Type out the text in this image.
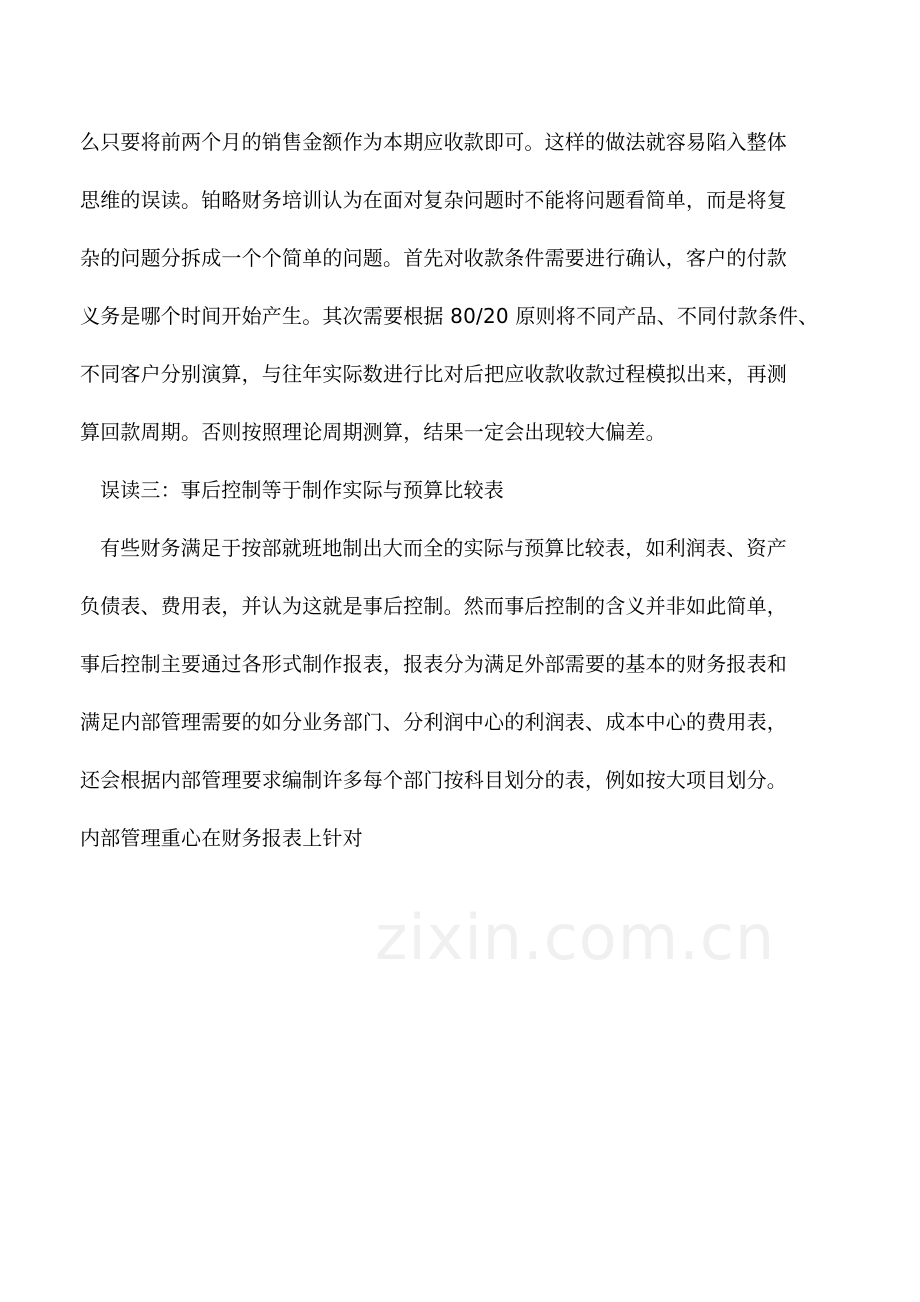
么只要将前两个月的销售金额作为本期应收款即可。这样的做法就容易陷入整体
思维的误读。铂略财务培训认为在面对复杂问题时不能将问题看简单，而是将复
杂的问题分拆成一个个简单的问题。首先对收款条件需要进行确认，客户的付款
义务是哪个时间开始产生。其次需要根据 80/20 原则将不同产品、不同付款条件、
不同客户分别演算，与往年实际数进行比对后把应收款收款过程模拟出来，再测
算回款周期。否则按照理论周期测算，结果一定会出现较大偏差。
误读三：事后控制等于制作实际与预算比较表
有些财务满足于按部就班地制出大而全的实际与预算比较表，如利润表、资产
负债表、费用表，并认为这就是事后控制。然而事后控制的含义并非如此简单，
事后控制主要通过各形式制作报表，报表分为满足外部需要的基本的财务报表和
满足内部管理需要的如分业务部门、分利润中心的利润表、成本中心的费用表，
还会根据内部管理要求编制许多每个部门按科目划分的表，例如按大项目划分。
内部管理重心在财务报表上针对
zixin.com.cn
